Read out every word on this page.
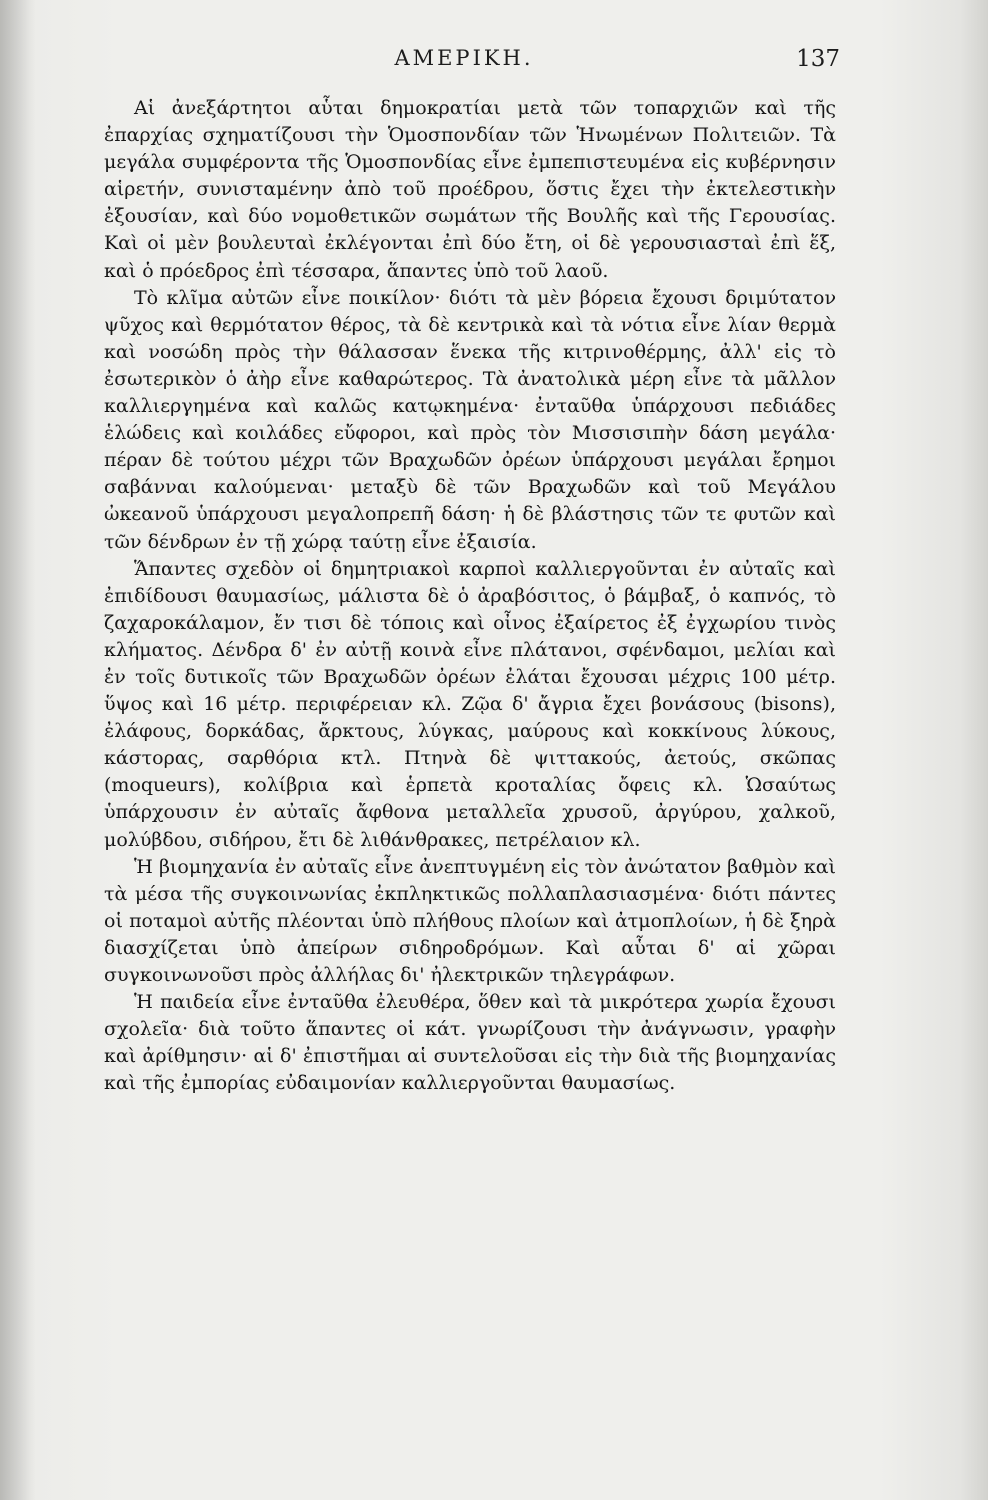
ΑΜΕΡΙΚΗ.	137

Αἱ ἀνεξάρτητοι αὗται δημοκρατίαι μετὰ τῶν τοπαρχιῶν καὶ τῆς ἐπαρχίας σχηματίζουσι τὴν Ὁμοσπονδίαν τῶν Ἡνωμένων Πολιτειῶν. Τὰ μεγάλα συμφέροντα τῆς Ὁμοσπονδίας εἶνε ἐμπεπιστευμένα εἰς κυβέρνησιν αἱρετήν, συνισταμένην ἀπὸ τοῦ προέδρου, ὅστις ἔχει τὴν ἐκτελεστικὴν ἐξουσίαν, καὶ δύο νομοθετικῶν σωμάτων τῆς Βουλῆς καὶ τῆς Γερουσίας. Καὶ οἱ μὲν βουλευταὶ ἐκλέγονται ἐπὶ δύο ἔτη, οἱ δὲ γερουσιασταὶ ἐπὶ ἕξ, καὶ ὁ πρόεδρος ἐπὶ τέσσαρα, ἅπαντες ὑπὸ τοῦ λαοῦ.

Τὸ κλῖμα αὐτῶν εἶνε ποικίλον· διότι τὰ μὲν βόρεια ἔχουσι δριμύτατον ψῦχος καὶ θερμότατον θέρος, τὰ δὲ κεντρικὰ καὶ τὰ νότια εἶνε λίαν θερμὰ καὶ νοσώδη πρὸς τὴν θάλασσαν ἕνεκα τῆς κιτρινοθέρμης, ἀλλ' εἰς τὸ ἐσωτερικὸν ὁ ἀὴρ εἶνε καθαρώτερος. Τὰ ἀνατολικὰ μέρη εἶνε τὰ μᾶλλον καλλιεργημένα καὶ καλῶς κατῳκημένα· ἐνταῦθα ὑπάρχουσι πεδιάδες ἑλώδεις καὶ κοιλάδες εὔφοροι, καὶ πρὸς τὸν Μισσισιπὴν δάση μεγάλα· πέραν δὲ τούτου μέχρι τῶν Βραχωδῶν ὀρέων ὑπάρχουσι μεγάλαι ἔρημοι σαβάνναι καλούμεναι· μεταξὺ δὲ τῶν Βραχωδῶν καὶ τοῦ Μεγάλου ὠκεανοῦ ὑπάρχουσι μεγαλοπρεπῆ δάση· ἡ δὲ βλάστησις τῶν τε φυτῶν καὶ τῶν δένδρων ἐν τῇ χώρᾳ ταύτῃ εἶνε ἐξαισία.

Ἅπαντες σχεδὸν οἱ δημητριακοὶ καρποὶ καλλιεργοῦνται ἐν αὐταῖς καὶ ἐπιδίδουσι θαυμασίως, μάλιστα δὲ ὁ ἀραβόσιτος, ὁ βάμβαξ, ὁ καπνός, τὸ ζαχαροκάλαμον, ἔν τισι δὲ τόποις καὶ οἶνος ἐξαίρετος ἐξ ἐγχωρίου τινὸς κλήματος. Δένδρα δ' ἐν αὐτῇ κοινὰ εἶνε πλάτανοι, σφένδαμοι, μελίαι καὶ ἐν τοῖς δυτικοῖς τῶν Βραχωδῶν ὀρέων ἐλάται ἔχουσαι μέχρις 100 μέτρ. ὕψος καὶ 16 μέτρ. περιφέρειαν κλ. Ζῷα δ' ἄγρια ἔχει βονάσους (bisons), ἐλάφους, δορκάδας, ἄρκτους, λύγκας, μαύρους καὶ κοκκίνους λύκους, κάστορας, σαρθόρια κτλ. Πτηνὰ δὲ ψιττακούς, ἀετούς, σκῶπας (moqueurs), κολίβρια καὶ ἑρπετὰ κροταλίας ὄφεις κλ. Ὡσαύτως ὑπάρχουσιν ἐν αὐταῖς ἄφθονα μεταλλεῖα χρυσοῦ, ἀργύρου, χαλκοῦ, μολύβδου, σιδήρου, ἔτι δὲ λιθάνθρακες, πετρέλαιον κλ.

Ἡ βιομηχανία ἐν αὐταῖς εἶνε ἀνεπτυγμένη εἰς τὸν ἀνώτατον βαθμὸν καὶ τὰ μέσα τῆς συγκοινωνίας ἐκπληκτικῶς πολλαπλασιασμένα· διότι πάντες οἱ ποταμοὶ αὐτῆς πλέονται ὑπὸ πλήθους πλοίων καὶ ἀτμοπλοίων, ἡ δὲ ξηρὰ διασχίζεται ὑπὸ ἀπείρων σιδηροδρόμων. Καὶ αὗται δ' αἱ χῶραι συγκοινωνοῦσι πρὸς ἀλλήλας δι' ἠλεκτρικῶν τηλεγράφων.

Ἡ παιδεία εἶνε ἐνταῦθα ἐλευθέρα, ὅθεν καὶ τὰ μικρότερα χωρία ἔχουσι σχολεῖα· διὰ τοῦτο ἅπαντες οἱ κάτ. γνωρίζουσι τὴν ἀνάγνωσιν, γραφὴν καὶ ἀρίθμησιν· αἱ δ' ἐπιστῆμαι αἱ συντελοῦσαι εἰς τὴν διὰ τῆς βιομηχανίας καὶ τῆς ἐμπορίας εὐδαιμονίαν καλλιεργοῦνται θαυμασίως.
